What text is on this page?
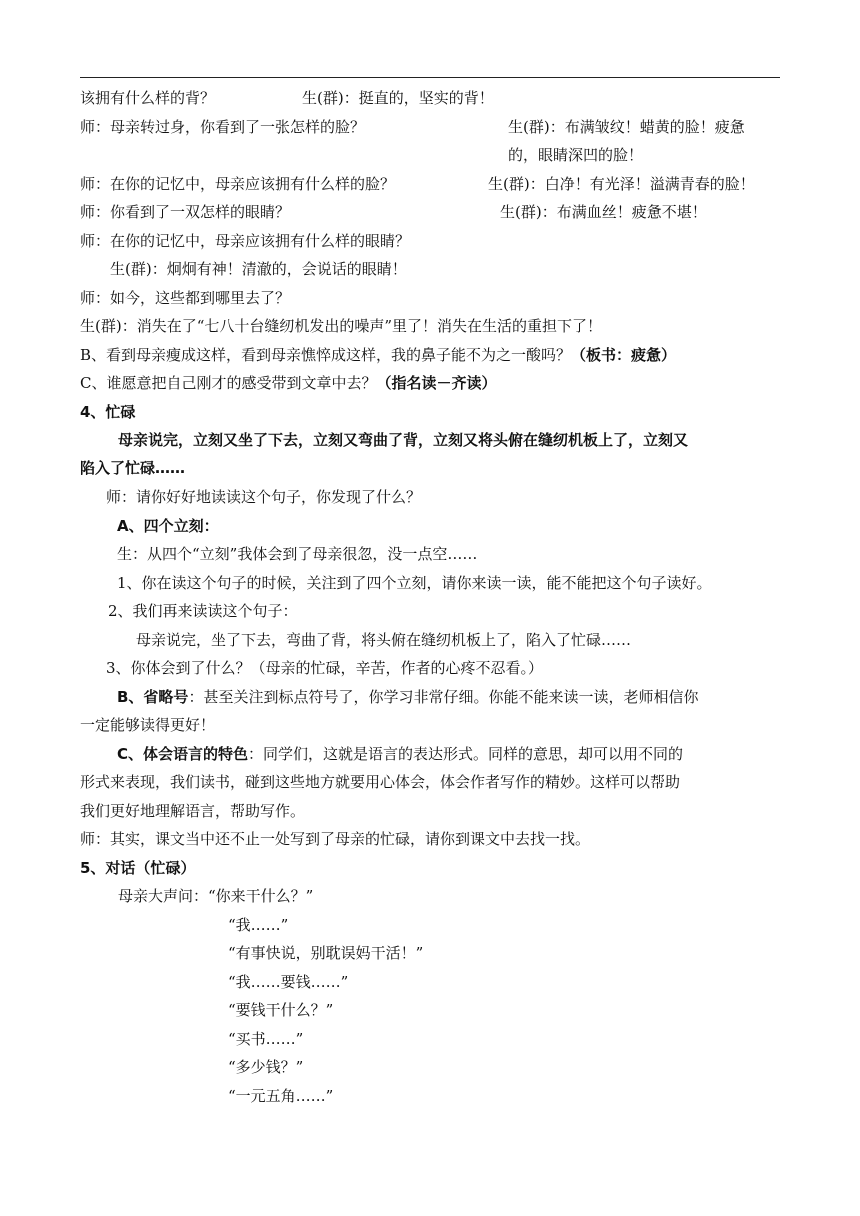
该拥有什么样的背？	生(群)：挺直的，坚实的背！
师：母亲转过身，你看到了一张怎样的脸？	生(群)：布满皱纹！蜡黄的脸！疲惫
的，眼睛深凹的脸！
师：在你的记忆中，母亲应该拥有什么样的脸？	生(群)：白净！有光泽！溢满青春的脸！
师：你看到了一双怎样的眼睛？	生(群)：布满血丝！疲惫不堪！
师：在你的记忆中，母亲应该拥有什么样的眼睛？
生(群)：炯炯有神！清澈的，会说话的眼睛！
师：如今，这些都到哪里去了？
生(群)：消失在了“七八十台缝纫机发出的噪声”里了！消失在生活的重担下了！
B、看到母亲瘦成这样，看到母亲憔悴成这样，我的鼻子能不为之一酸吗？（板书：疲惫）
C、谁愿意把自己刚才的感受带到文章中去？（指名读－齐读）
4、忙碌
母亲说完，立刻又坐了下去，立刻又弯曲了背，立刻又将头俯在缝纫机板上了，立刻又
陷入了忙碌……
师：请你好好地读读这个句子，你发现了什么？
A、四个立刻：
生：从四个“立刻”我体会到了母亲很忽，没一点空……
1、你在读这个句子的时候，关注到了四个立刻，请你来读一读，能不能把这个句子读好。
2、我们再来读读这个句子：
母亲说完，坐了下去，弯曲了背，将头俯在缝纫机板上了，陷入了忙碌……
3、你体会到了什么？（母亲的忙碌，辛苦，作者的心疼不忍看。）
B、省略号：甚至关注到标点符号了，你学习非常仔细。你能不能来读一读，老师相信你
一定能够读得更好！
C、体会语言的特色：同学们，这就是语言的表达形式。同样的意思，却可以用不同的
形式来表现，我们读书，碰到这些地方就要用心体会，体会作者写作的精妙。这样可以帮助
我们更好地理解语言，帮助写作。
师：其实，课文当中还不止一处写到了母亲的忙碌，请你到课文中去找一找。
5、对话（忙碌）
母亲大声问：“你来干什么？”
“我……”
“有事快说，别耽误妈干活！”
“我……要钱……”
“要钱干什么？”
“买书……”
“多少钱？”
“一元五角……”
